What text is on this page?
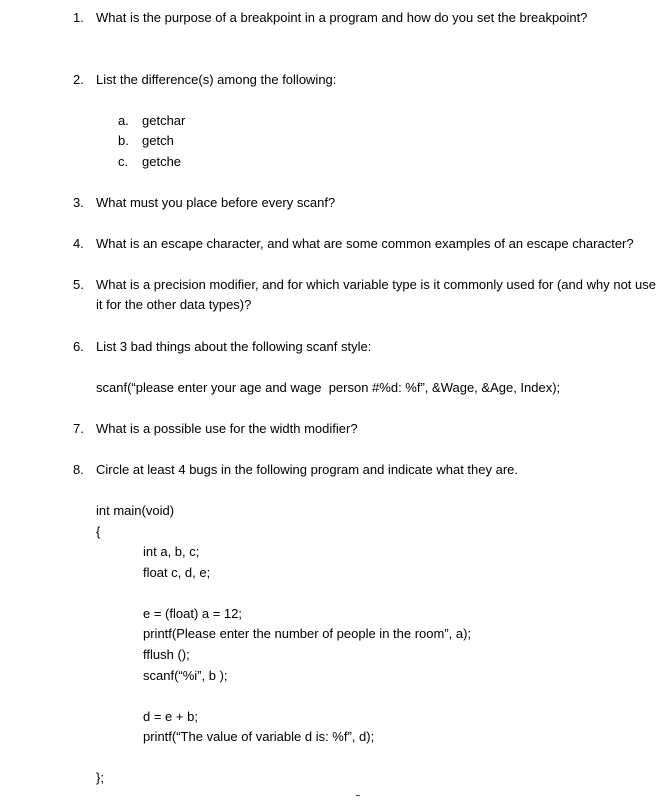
1. What is the purpose of a breakpoint in a program and how do you set the breakpoint?
2. List the difference(s) among the following:
a. getchar
b. getch
c. getche
3. What must you place before every scanf?
4. What is an escape character, and what are some common examples of an escape character?
5. What is a precision modifier, and for which variable type is it commonly used for (and why not use it for the other data types)?
6. List 3 bad things about the following scanf style:
scanf(“please enter your age and wage  person #%d: %f”, &Wage, &Age, Index);
7. What is a possible use for the width modifier?
8. Circle at least 4 bugs in the following program and indicate what they are.
int main(void)
{
int a, b, c;
float c, d, e;
e = (float) a = 12;
printf(Please enter the number of people in the room”, a);
fflush ();
scanf(“%i”, b );
d = e + b;
printf(“The value of variable d is: %f”, d);
};
